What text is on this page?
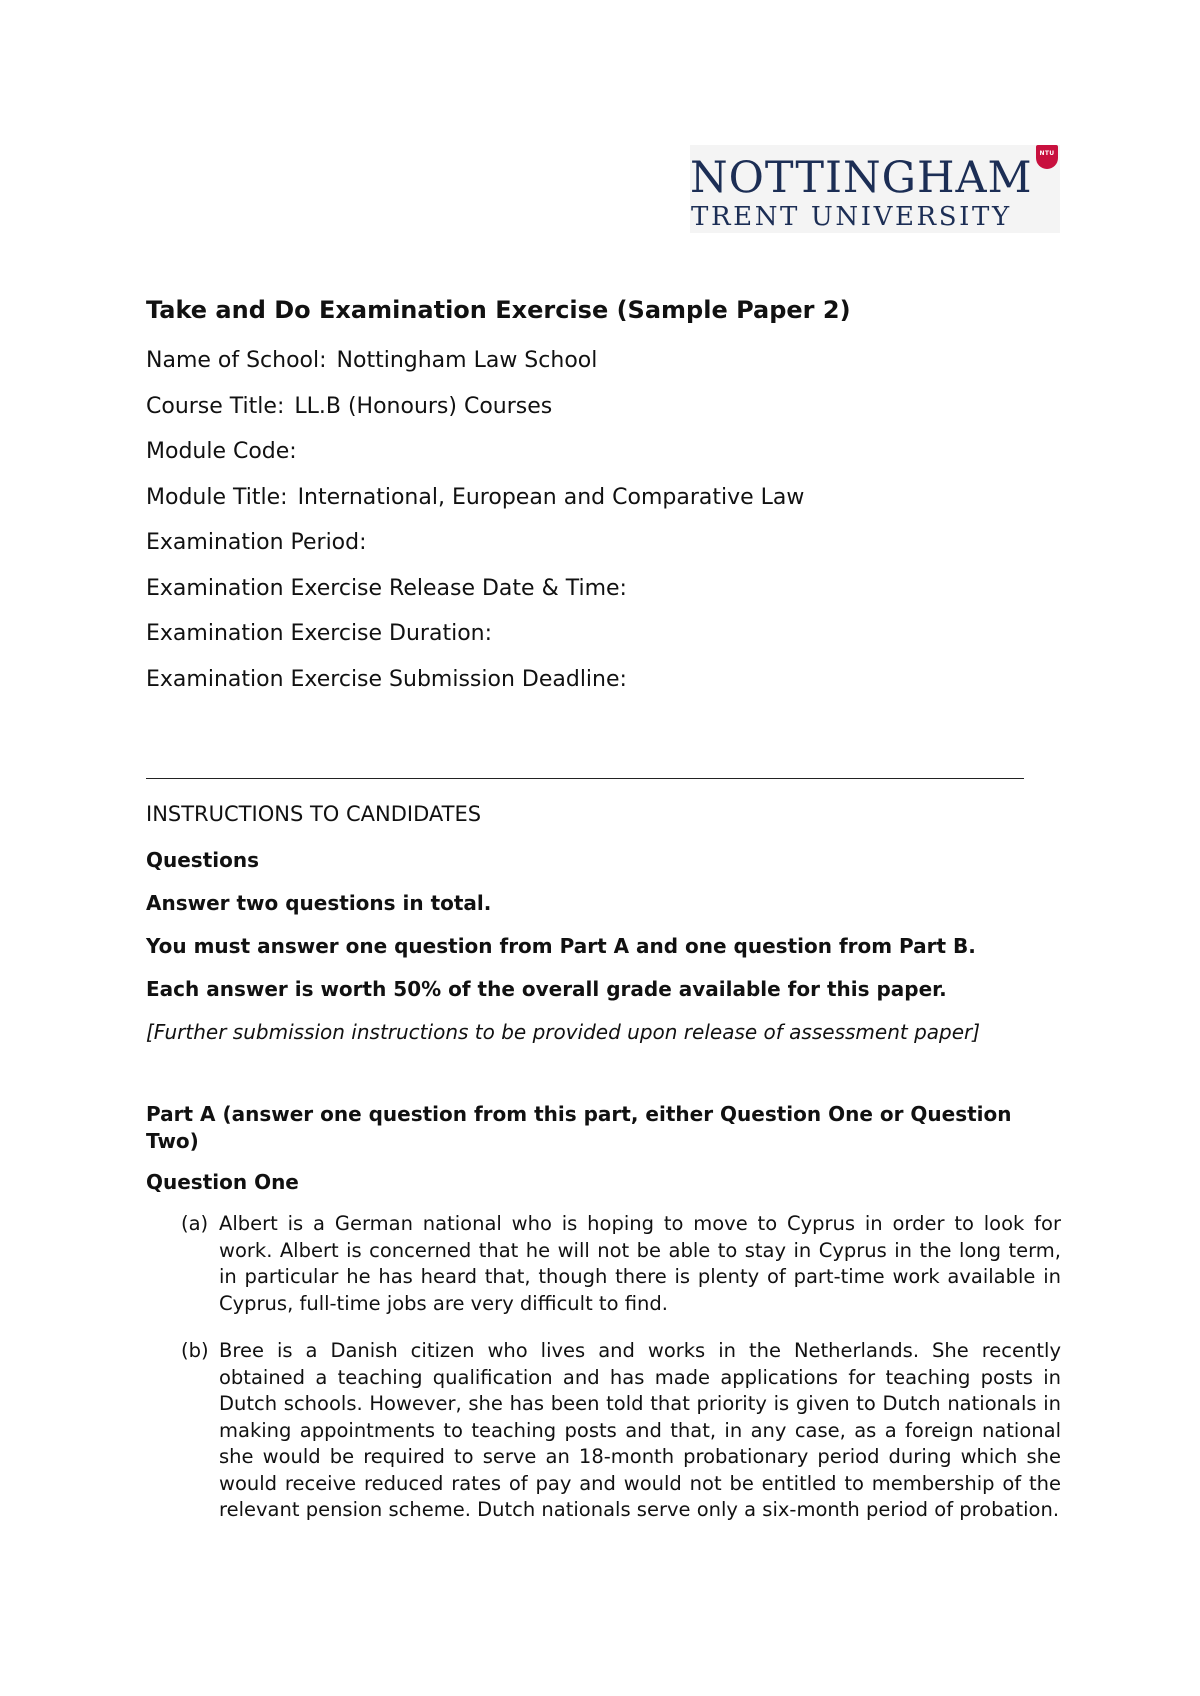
NOTTINGHAM
TRENT UNIVERSITY
NTU
Take and Do Examination Exercise (Sample Paper 2)
Name of School: Nottingham Law School
Course Title: LL.B (Honours) Courses
Module Code:
Module Title: International, European and Comparative Law
Examination Period:
Examination Exercise Release Date & Time:
Examination Exercise Duration:
Examination Exercise Submission Deadline:
INSTRUCTIONS TO CANDIDATES
Questions
Answer two questions in total.
You must answer one question from Part A and one question from Part B.
Each answer is worth 50% of the overall grade available for this paper.
[Further submission instructions to be provided upon release of assessment paper]
Part A (answer one question from this part, either Question One or Question Two)
Question One
(a) Albert is a German national who is hoping to move to Cyprus in order to look for work. Albert is concerned that he will not be able to stay in Cyprus in the long term, in particular he has heard that, though there is plenty of part-time work available in Cyprus, full-time jobs are very difficult to find.
(b) Bree is a Danish citizen who lives and works in the Netherlands. She recently obtained a teaching qualification and has made applications for teaching posts in Dutch schools. However, she has been told that priority is given to Dutch nationals in making appointments to teaching posts and that, in any case, as a foreign national she would be required to serve an 18-month probationary period during which she would receive reduced rates of pay and would not be entitled to membership of the relevant pension scheme. Dutch nationals serve only a six-month period of probation.
